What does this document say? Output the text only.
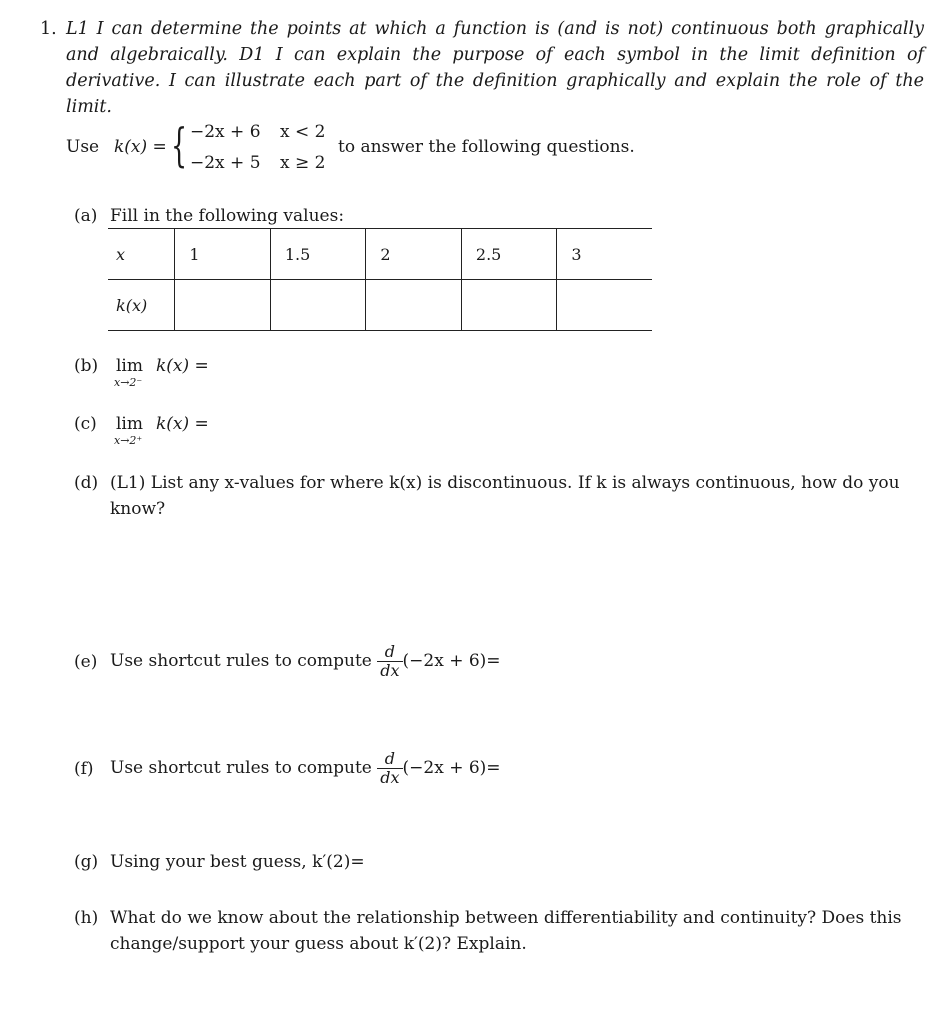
1. L1 I can determine the points at which a function is (and is not) continuous both graphically and algebraically. D1 I can explain the purpose of each symbol in the limit definition of derivative. I can illustrate each part of the definition graphically and explain the role of the limit.
Use k(x) = { −2x + 6 x < 2
−2x + 5 x ≥ 2
to answer the following questions.
(a) Fill in the following values:
x	1	1.5	2	2.5	3
k(x)					
(b) lim
x→2⁻
k(x) =
(c) lim
x→2⁺
k(x) =
(d) (L1) List any x-values for where k(x) is discontinuous. If k is always continuous, how do you know?
(e) Use shortcut rules to compute $\frac{d}{dx} (-2x + 6)=$
(f) Use shortcut rules to compute $\frac{d}{dx} (-2x + 6)=$
(g) Using your best guess, k′(2)=
(h) What do we know about the relationship between differentiability and continuity? Does this change/support your guess about k′(2)? Explain.
